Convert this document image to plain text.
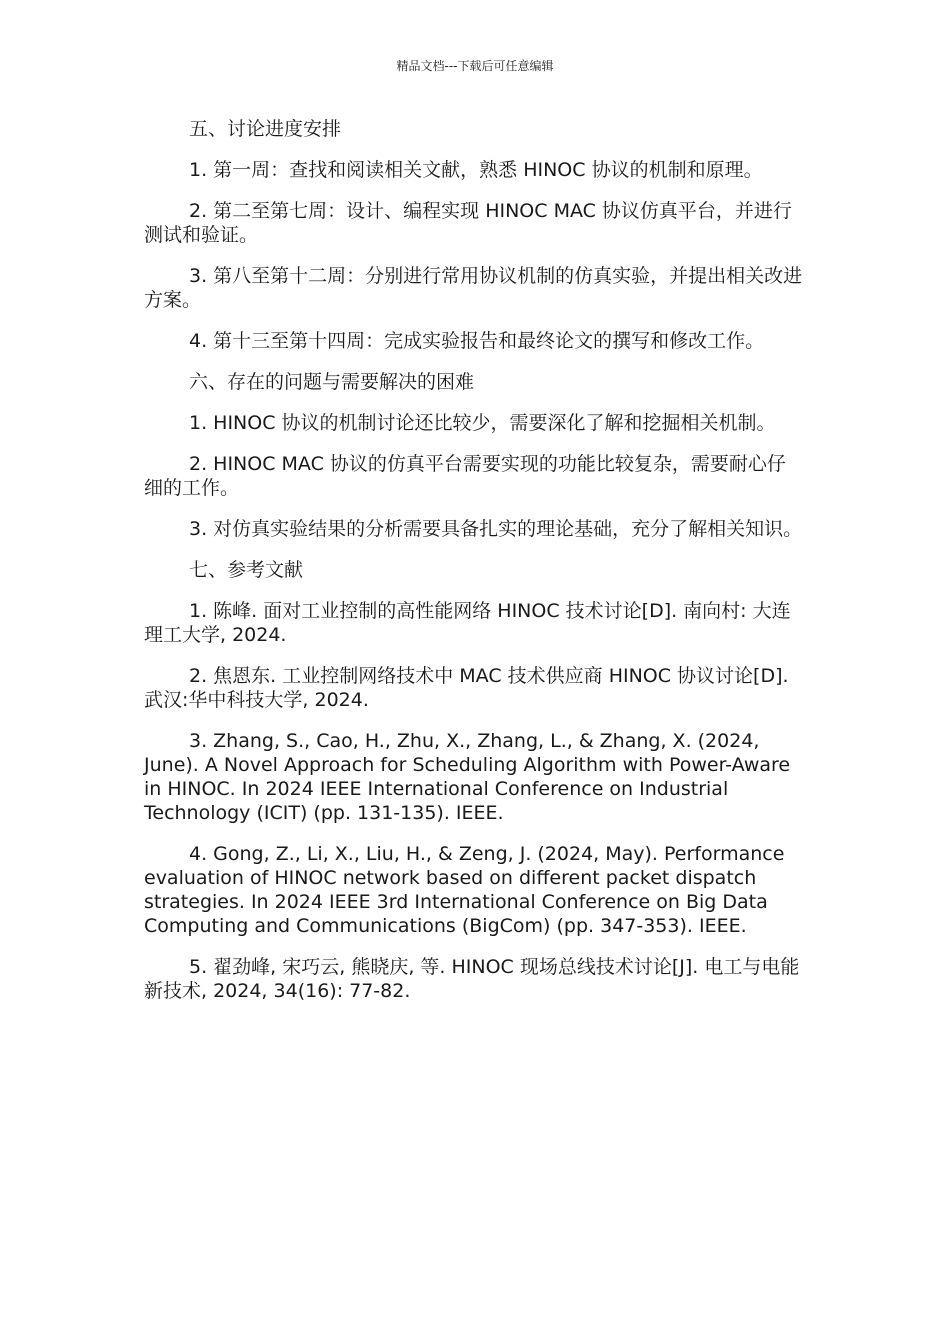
精品文档---下载后可任意编辑

五、讨论进度安排

1. 第一周：查找和阅读相关文献，熟悉 HINOC 协议的机制和原理。

2. 第二至第七周：设计、编程实现 HINOC MAC 协议仿真平台，并进行测试和验证。

3. 第八至第十二周：分别进行常用协议机制的仿真实验，并提出相关改进方案。

4. 第十三至第十四周：完成实验报告和最终论文的撰写和修改工作。

六、存在的问题与需要解决的困难

1. HINOC 协议的机制讨论还比较少，需要深化了解和挖掘相关机制。

2. HINOC MAC 协议的仿真平台需要实现的功能比较复杂，需要耐心仔细的工作。

3. 对仿真实验结果的分析需要具备扎实的理论基础，充分了解相关知识。

七、参考文献

1. 陈峰. 面对工业控制的高性能网络 HINOC 技术讨论[D]. 南向村: 大连理工大学, 2024.

2. 焦恩东. 工业控制网络技术中 MAC 技术供应商 HINOC 协议讨论[D]. 武汉:华中科技大学, 2024.

3. Zhang, S., Cao, H., Zhu, X., Zhang, L., & Zhang, X. (2024, June). A Novel Approach for Scheduling Algorithm with Power-Aware in HINOC. In 2024 IEEE International Conference on Industrial Technology (ICIT) (pp. 131-135). IEEE.

4. Gong, Z., Li, X., Liu, H., & Zeng, J. (2024, May). Performance evaluation of HINOC network based on different packet dispatch strategies. In 2024 IEEE 3rd International Conference on Big Data Computing and Communications (BigCom) (pp. 347-353). IEEE.

5. 翟劲峰, 宋巧云, 熊晓庆, 等. HINOC 现场总线技术讨论[J]. 电工与电能新技术, 2024, 34(16): 77-82.
